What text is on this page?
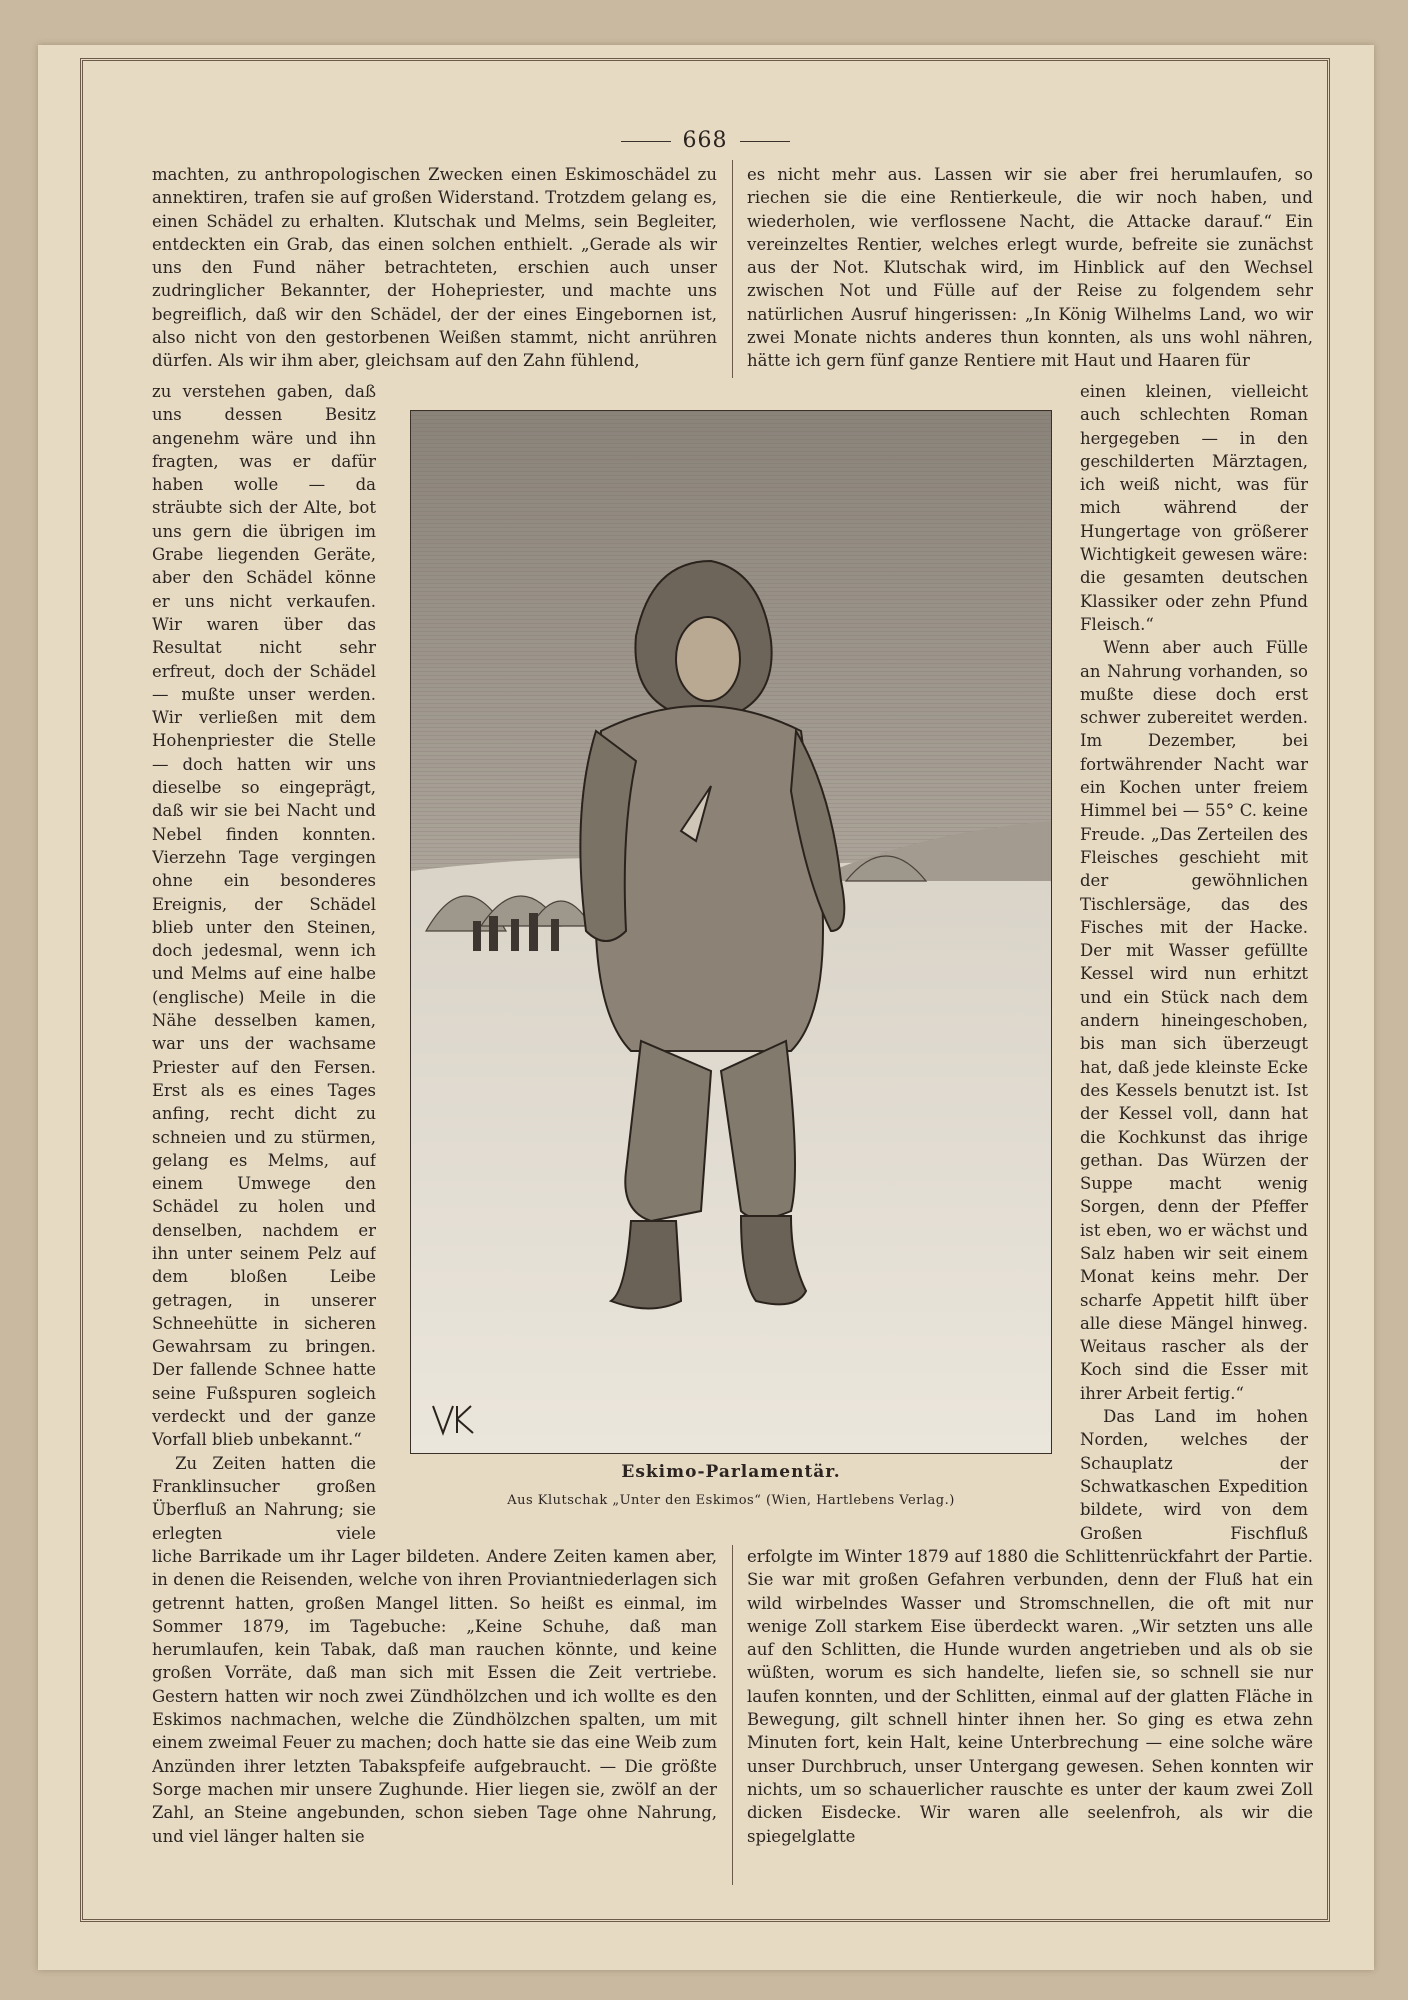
668

machten, zu anthropologischen Zwecken einen Eskimoschädel zu annektiren, trafen sie auf großen Widerstand. Trotzdem gelang es, einen Schädel zu erhalten. Klutschak und Melms, sein Begleiter, entdeckten ein Grab, das einen solchen enthielt. „Gerade als wir uns den Fund näher betrachteten, erschien auch unser zudringlicher Bekannter, der Hohepriester, und machte uns begreiflich, daß wir den Schädel, der der eines Eingebornen ist, also nicht von den gestorbenen Weißen stammt, nicht anrühren dürfen. Als wir ihm aber, gleichsam auf den Zahn fühlend,

es nicht mehr aus. Lassen wir sie aber frei herumlaufen, so riechen sie die eine Rentierkeule, die wir noch haben, und wiederholen, wie verflossene Nacht, die Attacke darauf.“ Ein vereinzeltes Rentier, welches erlegt wurde, befreite sie zunächst aus der Not. Klutschak wird, im Hinblick auf den Wechsel zwischen Not und Fülle auf der Reise zu folgendem sehr natürlichen Ausruf hingerissen: „In König Wilhelms Land, wo wir zwei Monate nichts anderes thun konnten, als uns wohl nähren, hätte ich gern fünf ganze Rentiere mit Haut und Haaren für

zu verstehen gaben, daß uns dessen Besitz angenehm wäre und ihn fragten, was er dafür haben wolle — da sträubte sich der Alte, bot uns gern die übrigen im Grabe liegenden Geräte, aber den Schädel könne er uns nicht verkaufen. Wir waren über das Resultat nicht sehr erfreut, doch der Schädel — mußte unser werden. Wir verließen mit dem Hohenpriester die Stelle — doch hatten wir uns dieselbe so eingeprägt, daß wir sie bei Nacht und Nebel finden konnten. Vierzehn Tage vergingen ohne ein besonderes Ereignis, der Schädel blieb unter den Steinen, doch jedesmal, wenn ich und Melms auf eine halbe (englische) Meile in die Nähe desselben kamen, war uns der wachsame Priester auf den Fersen. Erst als es eines Tages anfing, recht dicht zu schneien und zu stürmen, gelang es Melms, auf einem Umwege den Schädel zu holen und denselben, nachdem er ihn unter seinem Pelz auf dem bloßen Leibe getragen, in unserer Schneehütte in sicheren Gewahrsam zu bringen. Der fallende Schnee hatte seine Fußspuren sogleich verdeckt und der ganze Vorfall blieb unbekannt.“

Zu Zeiten hatten die Franklinsucher großen Überfluß an Nahrung; sie erlegten viele

einen kleinen, vielleicht auch schlechten Roman hergegeben — in den geschilderten Märztagen, ich weiß nicht, was für mich während der Hungertage von größerer Wichtigkeit gewesen wäre: die gesamten deutschen Klassiker oder zehn Pfund Fleisch.“

Wenn aber auch Fülle an Nahrung vorhanden, so mußte diese doch erst schwer zubereitet werden. Im Dezember, bei fortwährender Nacht war ein Kochen unter freiem Himmel bei — 55° C. keine Freude. „Das Zerteilen des Fleisches geschieht mit der gewöhnlichen Tischlersäge, das des Fisches mit der Hacke. Der mit Wasser gefüllte Kessel wird nun erhitzt und ein Stück nach dem andern hineingeschoben, bis man sich überzeugt hat, daß jede kleinste Ecke des Kessels benutzt ist. Ist der Kessel voll, dann hat die Kochkunst das ihrige gethan. Das Würzen der Suppe macht wenig Sorgen, denn der Pfeffer ist eben, wo er wächst und Salz haben wir seit einem Monat keins mehr. Der scharfe Appetit hilft über alle diese Mängel hinweg. Weitaus rascher als der Koch sind die Esser mit ihrer Arbeit fertig.“

Das Land im hohen Norden, welches der Schauplatz der Schwatkaschen Expedition bildete, wird von dem Großen Fischfluß

Eskimo-Parlamentär.
Aus Klutschak „Unter den Eskimos“ (Wien, Hartlebens Verlag.)

liche Barrikade um ihr Lager bildeten. Andere Zeiten kamen aber, in denen die Reisenden, welche von ihren Proviantniederlagen sich getrennt hatten, großen Mangel litten. So heißt es einmal, im Sommer 1879, im Tagebuche: „Keine Schuhe, daß man herumlaufen, kein Tabak, daß man rauchen könnte, und keine großen Vorräte, daß man sich mit Essen die Zeit vertriebe. Gestern hatten wir noch zwei Zündhölzchen und ich wollte es den Eskimos nachmachen, welche die Zündhölzchen spalten, um mit einem zweimal Feuer zu machen; doch hatte sie das eine Weib zum Anzünden ihrer letzten Tabakspfeife aufgebraucht. — Die größte Sorge machen mir unsere Zughunde. Hier liegen sie, zwölf an der Zahl, an Steine angebunden, schon sieben Tage ohne Nahrung, und viel länger halten sie

erfolgte im Winter 1879 auf 1880 die Schlittenrückfahrt der Partie. Sie war mit großen Gefahren verbunden, denn der Fluß hat ein wild wirbelndes Wasser und Stromschnellen, die oft mit nur wenige Zoll starkem Eise überdeckt waren. „Wir setzten uns alle auf den Schlitten, die Hunde wurden angetrieben und als ob sie wüßten, worum es sich handelte, liefen sie, so schnell sie nur laufen konnten, und der Schlitten, einmal auf der glatten Fläche in Bewegung, gilt schnell hinter ihnen her. So ging es etwa zehn Minuten fort, kein Halt, keine Unterbrechung — eine solche wäre unser Durchbruch, unser Untergang gewesen. Sehen konnten wir nichts, um so schauerlicher rauschte es unter der kaum zwei Zoll dicken Eisdecke. Wir waren alle seelenfroh, als wir die spiegelglatte
